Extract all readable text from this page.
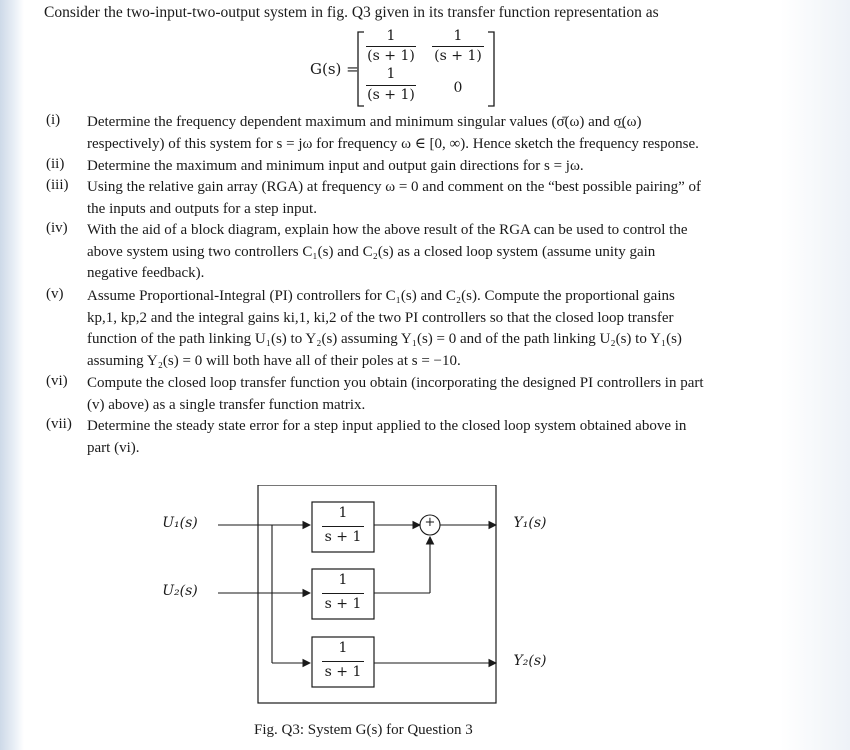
Consider the two-input-two-output system in fig. Q3 given in its transfer function representation as
G(s) =
1
(s + 1)
1
(s + 1)
1
(s + 1)	0
(i) Determine the frequency dependent maximum and minimum singular values (σ̄(ω) and σ̲(ω)
respectively) of this system for s = jω for frequency ω ∈ [0, ∞). Hence sketch the frequency response.
(ii) Determine the maximum and minimum input and output gain directions for s = jω.
(iii) Using the relative gain array (RGA) at frequency ω = 0 and comment on the “best possible pairing” of
the inputs and outputs for a step input.
(iv) With the aid of a block diagram, explain how the above result of the RGA can be used to control the
above system using two controllers C₁(s) and C₂(s) as a closed loop system (assume unity gain
negative feedback).
(v) Assume Proportional-Integral (PI) controllers for C₁(s) and C₂(s). Compute the proportional gains
kp,1, kp,2 and the integral gains ki,1, ki,2 of the two PI controllers so that the closed loop transfer
function of the path linking U₁(s) to Y₂(s) assuming Y₁(s) = 0 and of the path linking U₂(s) to Y₁(s)
assuming Y₂(s) = 0 will both have all of their poles at s = −10.
(vi) Compute the closed loop transfer function you obtain (incorporating the designed PI controllers in part
(v) above) as a single transfer function matrix.
(vii) Determine the steady state error for a step input applied to the closed loop system obtained above in
part (vi).
U₁(s)
U₂(s)
Y₁(s)
Y₂(s)
+
1
s + 1
1
s + 1
1
s + 1
Fig. Q3: System G(s) for Question 3
